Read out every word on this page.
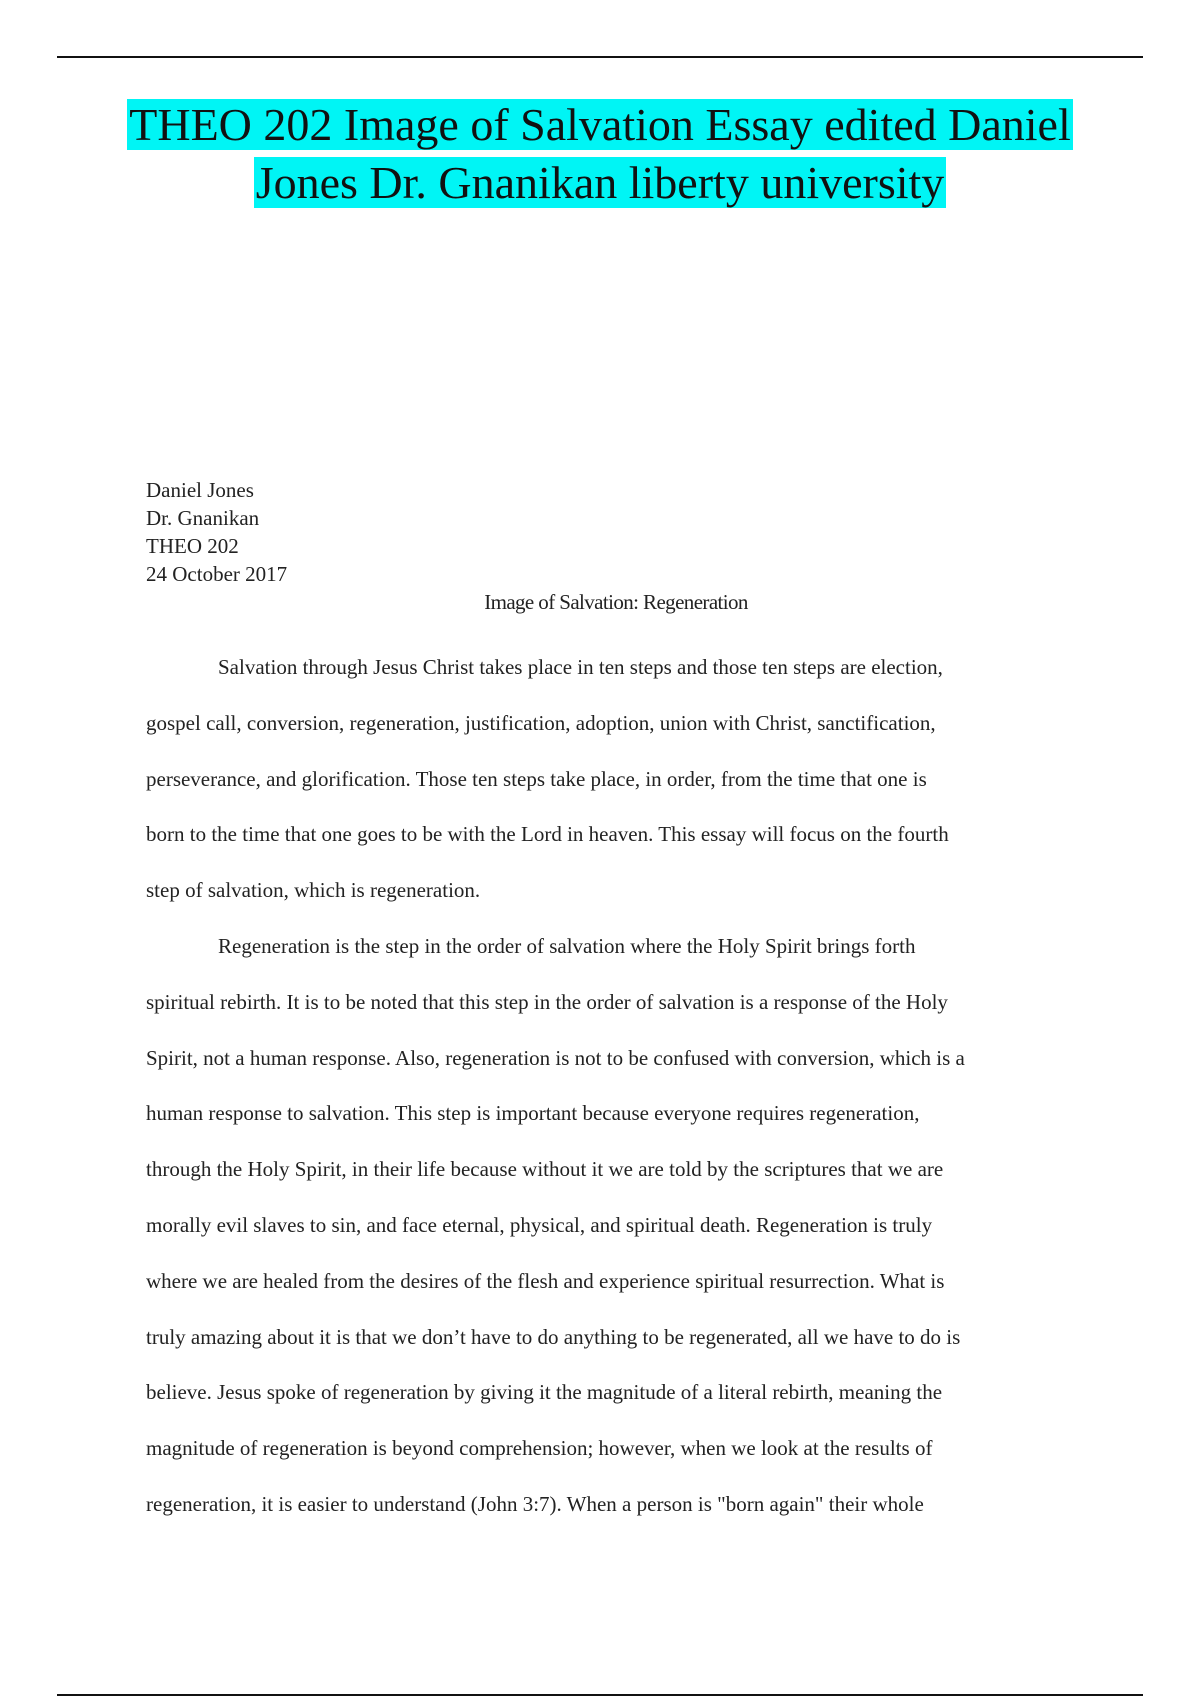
THEO 202 Image of Salvation Essay edited Daniel
Jones Dr. Gnanikan liberty university
Daniel Jones
Dr. Gnanikan
THEO 202
24 October 2017
Image of Salvation: Regeneration
Salvation through Jesus Christ takes place in ten steps and those ten steps are election,
gospel call, conversion, regeneration, justification, adoption, union with Christ, sanctification,
perseverance, and glorification. Those ten steps take place, in order, from the time that one is
born to the time that one goes to be with the Lord in heaven. This essay will focus on the fourth
step of salvation, which is regeneration.
Regeneration is the step in the order of salvation where the Holy Spirit brings forth
spiritual rebirth. It is to be noted that this step in the order of salvation is a response of the Holy
Spirit, not a human response. Also, regeneration is not to be confused with conversion, which is a
human response to salvation. This step is important because everyone requires regeneration,
through the Holy Spirit, in their life because without it we are told by the scriptures that we are
morally evil slaves to sin, and face eternal, physical, and spiritual death. Regeneration is truly
where we are healed from the desires of the flesh and experience spiritual resurrection. What is
truly amazing about it is that we don’t have to do anything to be regenerated, all we have to do is
believe. Jesus spoke of regeneration by giving it the magnitude of a literal rebirth, meaning the
magnitude of regeneration is beyond comprehension; however, when we look at the results of
regeneration, it is easier to understand (John 3:7). When a person is "born again" their whole
